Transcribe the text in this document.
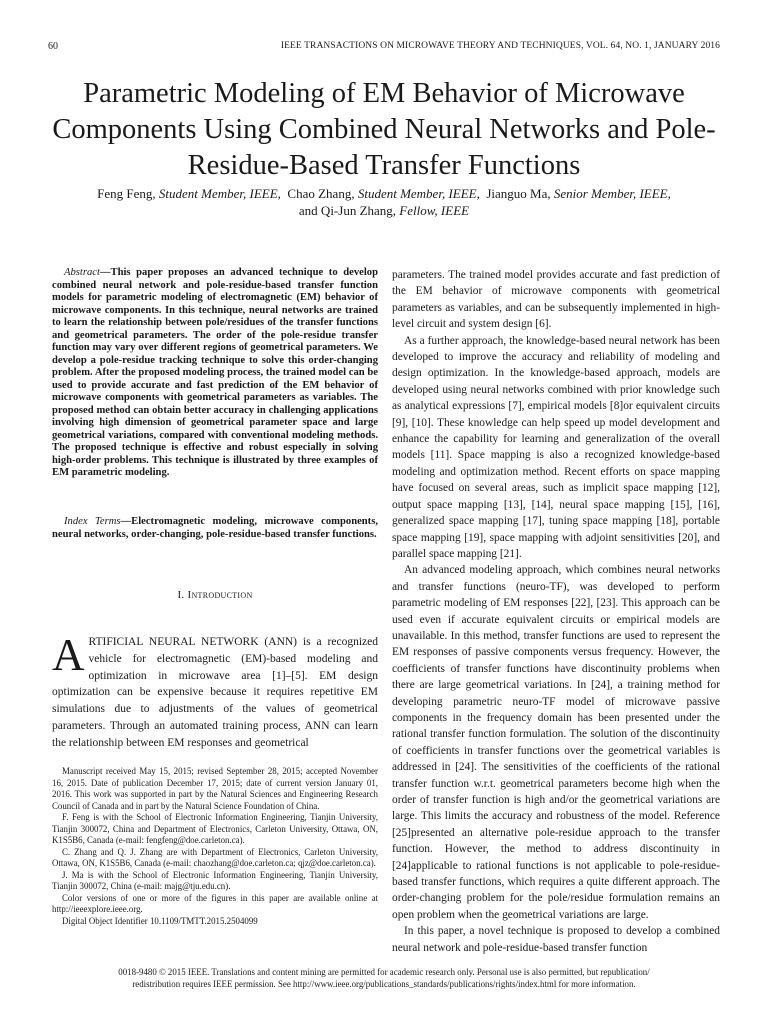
60	IEEE TRANSACTIONS ON MICROWAVE THEORY AND TECHNIQUES, VOL. 64, NO. 1, JANUARY 2016
Parametric Modeling of EM Behavior of Microwave Components Using Combined Neural Networks and Pole-Residue-Based Transfer Functions
Feng Feng, Student Member, IEEE, Chao Zhang, Student Member, IEEE, Jianguo Ma, Senior Member, IEEE,
and Qi-Jun Zhang, Fellow, IEEE
Abstract—This paper proposes an advanced technique to develop combined neural network and pole-residue-based transfer function models for parametric modeling of electromagnetic (EM) behavior of microwave components. In this technique, neural networks are trained to learn the relationship between pole/residues of the transfer functions and geometrical parameters. The order of the pole-residue transfer function may vary over different regions of geometrical parameters. We develop a pole-residue tracking technique to solve this order-changing problem. After the proposed modeling process, the trained model can be used to provide accurate and fast prediction of the EM behavior of microwave components with geometrical parameters as variables. The proposed method can obtain better accuracy in challenging applications involving high dimension of geometrical parameter space and large geometrical variations, compared with conventional modeling methods. The proposed technique is effective and robust especially in solving high-order problems. This technique is illustrated by three examples of EM parametric modeling.
Index Terms—Electromagnetic modeling, microwave components, neural networks, order-changing, pole-residue-based transfer functions.
I. Introduction
ARTIFICIAL NEURAL NETWORK (ANN) is a recognized vehicle for electromagnetic (EM)-based modeling and optimization in microwave area [1]–[5]. EM design optimization can be expensive because it requires repetitive EM simulations due to adjustments of the values of geometrical parameters. Through an automated training process, ANN can learn the relationship between EM responses and geometrical

Manuscript received May 15, 2015; revised September 28, 2015; accepted November 16, 2015. Date of publication December 17, 2015; date of current version January 01, 2016. This work was supported in part by the Natural Sciences and Engineering Research Council of Canada and in part by the Natural Science Foundation of China.

F. Feng is with the School of Electronic Information Engineering, Tianjin University, Tianjin 300072, China and Department of Electronics, Carleton University, Ottawa, ON, K1S5B6, Canada (e-mail: fengfeng@doe.carleton.ca).

C. Zhang and Q. J. Zhang are with Department of Electronics, Carleton University, Ottawa, ON, K1S5B6, Canada (e-mail: chaozhang@doe.carleton.ca; qjz@doe.carleton.ca).

J. Ma is with the School of Electronic Information Engineering, Tianjin University, Tianjin 300072, China (e-mail: majg@tju.edu.cn).

Color versions of one or more of the figures in this paper are available online at http://ieeexplore.ieee.org.

Digital Object Identifier 10.1109/TMTT.2015.2504099

parameters. The trained model provides accurate and fast prediction of the EM behavior of microwave components with geometrical parameters as variables, and can be subsequently implemented in high-level circuit and system design [6].

As a further approach, the knowledge-based neural network has been developed to improve the accuracy and reliability of modeling and design optimization. In the knowledge-based approach, models are developed using neural networks combined with prior knowledge such as analytical expressions [7], empirical models [8]or equivalent circuits [9], [10]. These knowledge can help speed up model development and enhance the capability for learning and generalization of the overall models [11]. Space mapping is also a recognized knowledge-based modeling and optimization method. Recent efforts on space mapping have focused on several areas, such as implicit space mapping [12], output space mapping [13], [14], neural space mapping [15], [16], generalized space mapping [17], tuning space mapping [18], portable space mapping [19], space mapping with adjoint sensitivities [20], and parallel space mapping [21].

An advanced modeling approach, which combines neural networks and transfer functions (neuro-TF), was developed to perform parametric modeling of EM responses [22], [23]. This approach can be used even if accurate equivalent circuits or empirical models are unavailable. In this method, transfer functions are used to represent the EM responses of passive components versus frequency. However, the coefficients of transfer functions have discontinuity problems when there are large geometrical variations. In [24], a training method for developing parametric neuro-TF model of microwave passive components in the frequency domain has been presented under the rational transfer function formulation. The solution of the discontinuity of coefficients in transfer functions over the geometrical variables is addressed in [24]. The sensitivities of the coefficients of the rational transfer function w.r.t. geometrical parameters become high when the order of transfer function is high and/or the geometrical variations are large. This limits the accuracy and robustness of the model. Reference [25]presented an alternative pole-residue approach to the transfer function. However, the method to address discontinuity in [24]applicable to rational functions is not applicable to pole-residue-based transfer functions, which requires a quite different approach. The order-changing problem for the pole/residue formulation remains an open problem when the geometrical variations are large.

In this paper, a novel technique is proposed to develop a combined neural network and pole-residue-based transfer function

0018-9480 © 2015 IEEE. Translations and content mining are permitted for academic research only. Personal use is also permitted, but republication/
redistribution requires IEEE permission. See http://www.ieee.org/publications_standards/publications/rights/index.html for more information.
